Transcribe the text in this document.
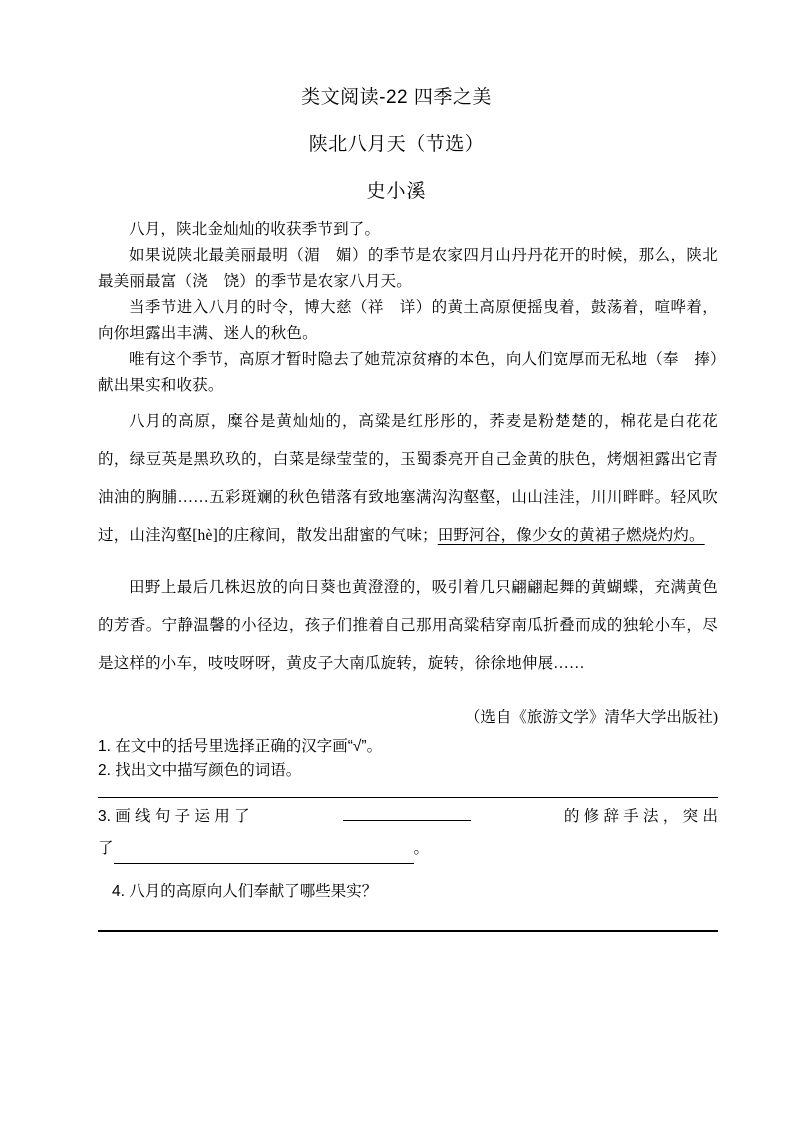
类文阅读-22 四季之美
陕北八月天（节选）
史小溪

八月，陕北金灿灿的收获季节到了。

如果说陕北最美丽最明（湄　媚）的季节是农家四月山丹丹花开的时候，那么，陕北最美丽最富（浇　饶）的季节是农家八月天。

当季节进入八月的时令，博大慈（祥　详）的黄土高原便摇曳着，鼓荡着，喧哗着，向你坦露出丰满、迷人的秋色。

唯有这个季节，高原才暂时隐去了她荒凉贫瘠的本色，向人们宽厚而无私地（奉　捧）献出果实和收获。

八月的高原，糜谷是黄灿灿的，高粱是红彤彤的，荞麦是粉楚楚的，棉花是白花花的，绿豆英是黑玖玖的，白菜是绿莹莹的，玉蜀黍亮开自己金黄的肤色，烤烟袒露出它青油油的胸脯……五彩斑斓的秋色错落有致地塞满沟沟壑壑，山山洼洼，川川畔畔。轻风吹过，山洼沟壑[hè]的庄稼间，散发出甜蜜的气味；田野河谷，像少女的黄裙子燃烧灼灼。

田野上最后几株迟放的向日葵也黄澄澄的，吸引着几只翩翩起舞的黄蝴蝶，充满黄色的芳香。宁静温馨的小径边，孩子们推着自己那用高粱秸穿南瓜折叠而成的独轮小车，尽是这样的小车，吱吱呀呀，黄皮子大南瓜旋转，旋转，徐徐地伸展……

（选自《旅游文学》清华大学出版社)

1. 在文中的括号里选择正确的汉字画“√”。

2. 找出文中描写颜色的词语。

3. 画 线 句 子 运 用 了	的 修 辞 手 法 ， 突 出
了	。

4. 八月的高原向人们奉献了哪些果实？
